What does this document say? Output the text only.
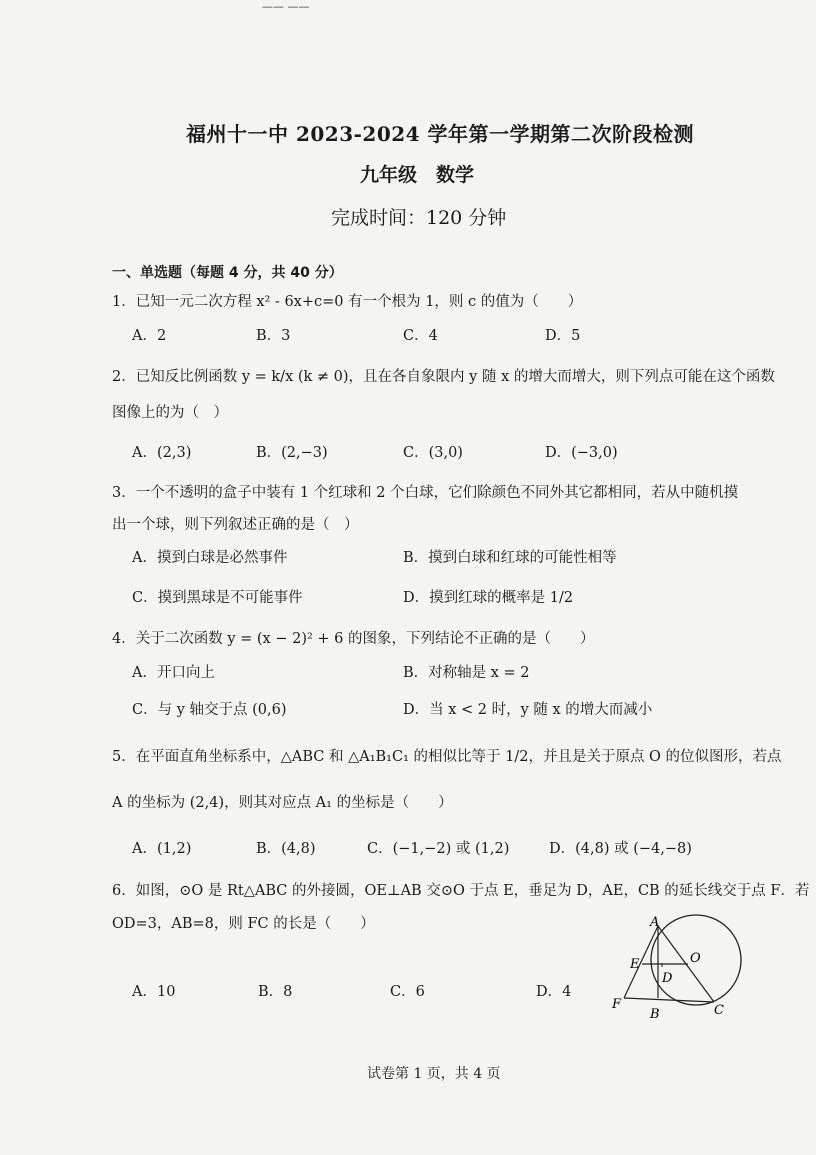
—— ——
福州十一中 2023-2024 学年第一学期第二次阶段检测
九年级　数学
完成时间：120 分钟
一、单选题（每题 4 分，共 40 分）
1．已知一元二次方程 x² - 6x+c=0 有一个根为 1，则 c 的值为（　　）
A．2	B．3	C．4	D．5
2．已知反比例函数 y = k/x (k ≠ 0)，且在各自象限内 y 随 x 的增大而增大，则下列点可能在这个函数
图像上的为（　）
A．(2,3)	B．(2,−3)	C．(3,0)	D．(−3,0)
3．一个不透明的盒子中装有 1 个红球和 2 个白球，它们除颜色不同外其它都相同，若从中随机摸
出一个球，则下列叙述正确的是（　）
A．摸到白球是必然事件	B．摸到白球和红球的可能性相等
C．摸到黑球是不可能事件	D．摸到红球的概率是 1/2
4．关于二次函数 y = (x − 2)² + 6 的图象，下列结论不正确的是（　　）
A．开口向上	B．对称轴是 x = 2
C．与 y 轴交于点 (0,6)	D．当 x < 2 时，y 随 x 的增大而减小
5．在平面直角坐标系中，△ABC 和 △A₁B₁C₁ 的相似比等于 1/2，并且是关于原点 O 的位似图形，若点
A 的坐标为 (2,4)，则其对应点 A₁ 的坐标是（　　）
A．(1,2)	B．(4,8)	C．(−1,−2) 或 (1,2)	D．(4,8) 或 (−4,−8)
6．如图，⊙O 是 Rt△ABC 的外接圆，OE⊥AB 交⊙O 于点 E，垂足为 D，AE，CB 的延长线交于点 F．若
OD=3，AB=8，则 FC 的长是（　　）
A．10	B．8	C．6	D．4
A
E
D
O
F
B	C
试卷第 1 页，共 4 页
